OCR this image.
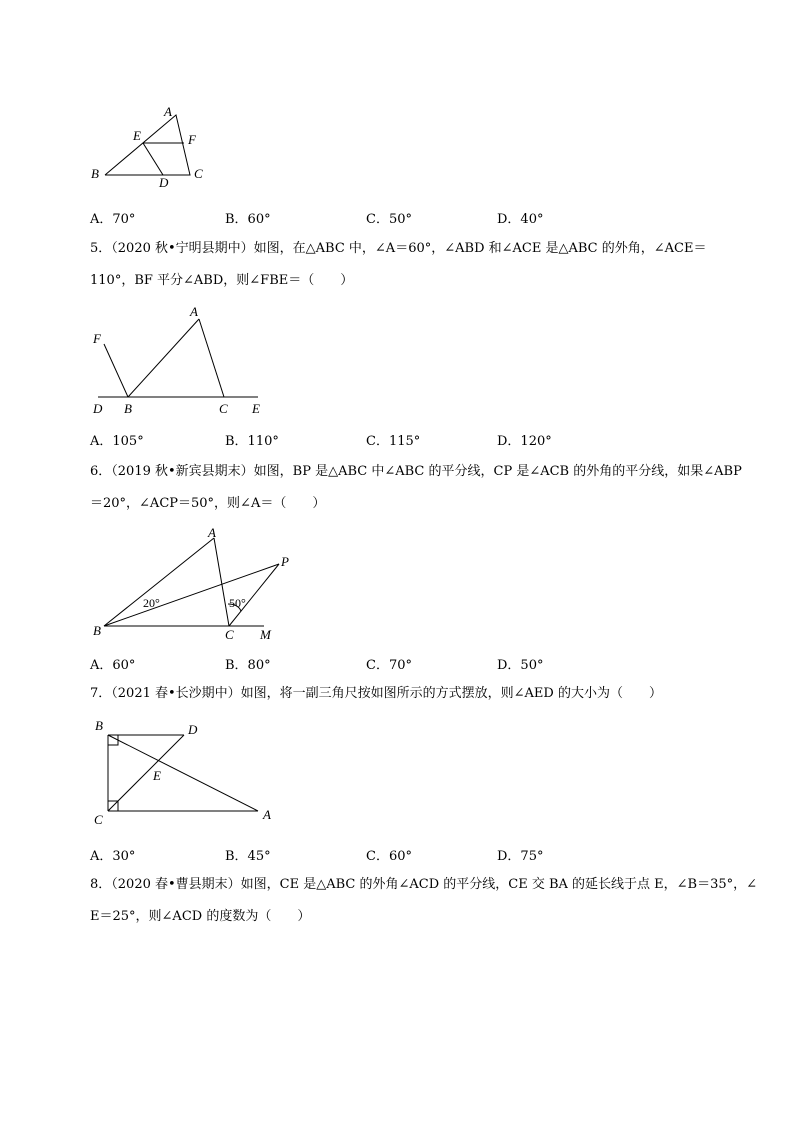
A
E	F
B
D
C
A．70°	B．60°	C．50°	D．40°

5．（2020 秋•宁明县期中）如图，在△ABC 中，∠A＝60°，∠ABD 和∠ACE 是△ABC 的外角，∠ACE＝

110°，BF 平分∠ABD，则∠FBE＝（　　）

F
A
D B	C E
A．105°	B．110°	C．115°	D．120°

6．（2019 秋•新宾县期末）如图，BP 是△ABC 中∠ABC 的平分线，CP 是∠ACB 的外角的平分线，如果∠ABP

＝20°，∠ACP＝50°，则∠A＝（　　）

A
P
B	C M
20°	50°
A．60°	B．80°	C．70°	D．50°

7．（2021 春•长沙期中）如图，将一副三角尺按如图所示的方式摆放，则∠AED 的大小为（　　）

B	D
E
C	A
A．30°	B．45°	C．60°	D．75°

8．（2020 春•曹县期末）如图，CE 是△ABC 的外角∠ACD 的平分线，CE 交 BA 的延长线于点 E，∠B＝35°，∠

E＝25°，则∠ACD 的度数为（　　）
